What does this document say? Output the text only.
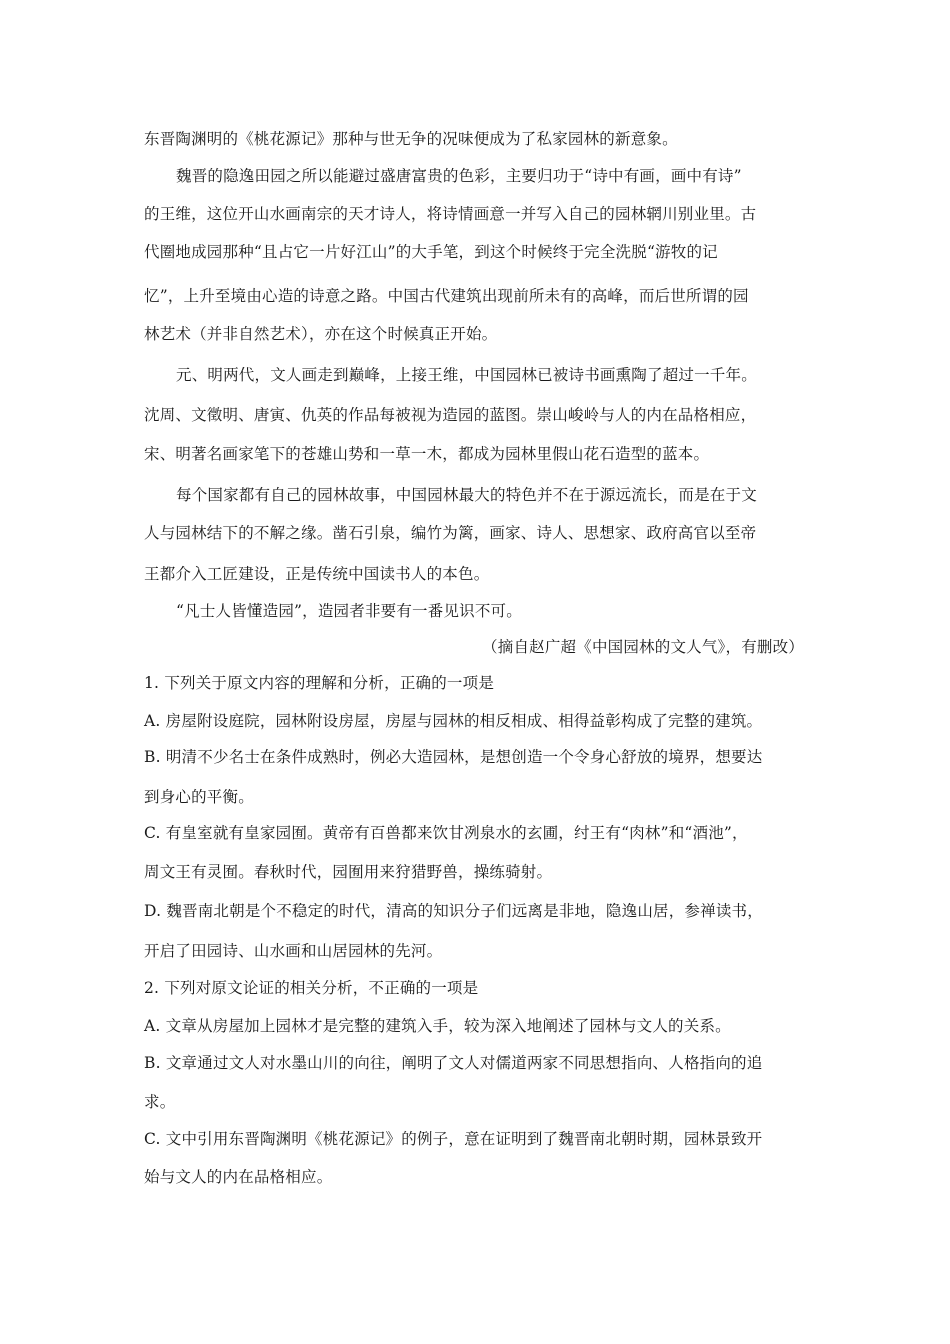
东晋陶渊明的《桃花源记》那种与世无争的况味便成为了私家园林的新意象。
魏晋的隐逸田园之所以能避过盛唐富贵的色彩，主要归功于“诗中有画，画中有诗”
的王维，这位开山水画南宗的天才诗人，将诗情画意一并写入自己的园林辋川别业里。古
代圈地成园那种“且占它一片好江山”的大手笔，到这个时候终于完全洗脱“游牧的记
忆”，上升至境由心造的诗意之路。中国古代建筑出现前所未有的高峰，而后世所谓的园
林艺术（并非自然艺术），亦在这个时候真正开始。
元、明两代，文人画走到巅峰，上接王维，中国园林已被诗书画熏陶了超过一千年。
沈周、文徵明、唐寅、仇英的作品每被视为造园的蓝图。崇山峻岭与人的内在品格相应，
宋、明著名画家笔下的苍雄山势和一草一木，都成为园林里假山花石造型的蓝本。
每个国家都有自己的园林故事，中国园林最大的特色并不在于源远流长，而是在于文
人与园林结下的不解之缘。凿石引泉，编竹为篱，画家、诗人、思想家、政府高官以至帝
王都介入工匠建设，正是传统中国读书人的本色。
“凡士人皆懂造园”，造园者非要有一番见识不可。
（摘自赵广超《中国园林的文人气》，有删改）
1. 下列关于原文内容的理解和分析，正确的一项是
A. 房屋附设庭院，园林附设房屋，房屋与园林的相反相成、相得益彰构成了完整的建筑。
B. 明清不少名士在条件成熟时，例必大造园林，是想创造一个令身心舒放的境界，想要达
到身心的平衡。
C. 有皇室就有皇家园囿。黄帝有百兽都来饮甘冽泉水的玄圃，纣王有“肉林”和“酒池”，
周文王有灵囿。春秋时代，园囿用来狩猎野兽，操练骑射。
D. 魏晋南北朝是个不稳定的时代，清高的知识分子们远离是非地，隐逸山居，参禅读书，
开启了田园诗、山水画和山居园林的先河。
2. 下列对原文论证的相关分析，不正确的一项是
A. 文章从房屋加上园林才是完整的建筑入手，较为深入地阐述了园林与文人的关系。
B. 文章通过文人对水墨山川的向往，阐明了文人对儒道两家不同思想指向、人格指向的追
求。
C. 文中引用东晋陶渊明《桃花源记》的例子，意在证明到了魏晋南北朝时期，园林景致开
始与文人的内在品格相应。
